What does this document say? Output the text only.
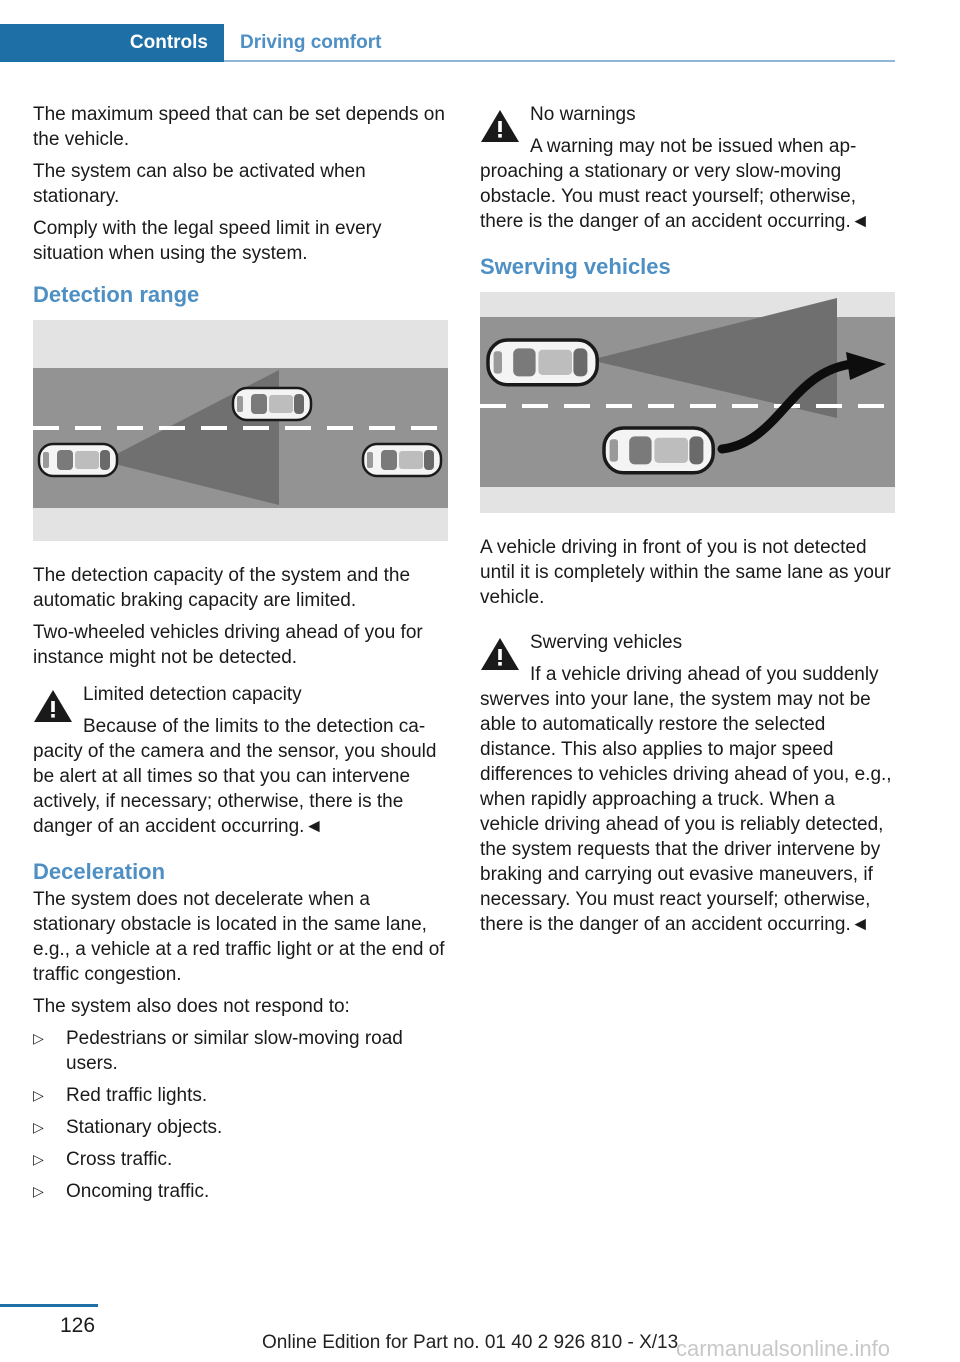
Controls Driving comfort

The maximum speed that can be set depends on the vehicle.

The system can also be activated when stationary.

Comply with the legal speed limit in every situation when using the system.

Detection range

The detection capacity of the system and the automatic braking capacity are limited.

Two-wheeled vehicles driving ahead of you for instance might not be detected.

Limited detection capacity
Because of the limits to the detection ca-
pacity of the camera and the sensor, you should be alert at all times so that you can intervene actively, if necessary; otherwise, there is the danger of an accident occurring.◄
Deceleration

The system does not decelerate when a stationary obstacle is located in the same lane, e.g., a vehicle at a red traffic light or at the end of traffic congestion.

The system also does not respond to:

▷ Pedestrians or similar slow-moving road users.
▷ Red traffic lights.
▷ Stationary objects.
▷ Cross traffic.
▷ Oncoming traffic.
No warnings
A warning may not be issued when ap-
proaching a stationary or very slow-moving obstacle. You must react yourself; otherwise, there is the danger of an accident occurring.◄
Swerving vehicles

A vehicle driving in front of you is not detected until it is completely within the same lane as your vehicle.

Swerving vehicles
If a vehicle driving ahead of you suddenly
swerves into your lane, the system may not be able to automatically restore the selected distance. This also applies to major speed differences to vehicles driving ahead of you, e.g., when rapidly approaching a truck. When a vehicle driving ahead of you is reliably detected, the system requests that the driver intervene by braking and carrying out evasive maneuvers, if necessary. You must react yourself; otherwise, there is the danger of an accident occurring.◄
126
Online Edition for Part no. 01 40 2 926 810 - X/13
carmanualsonline.info
